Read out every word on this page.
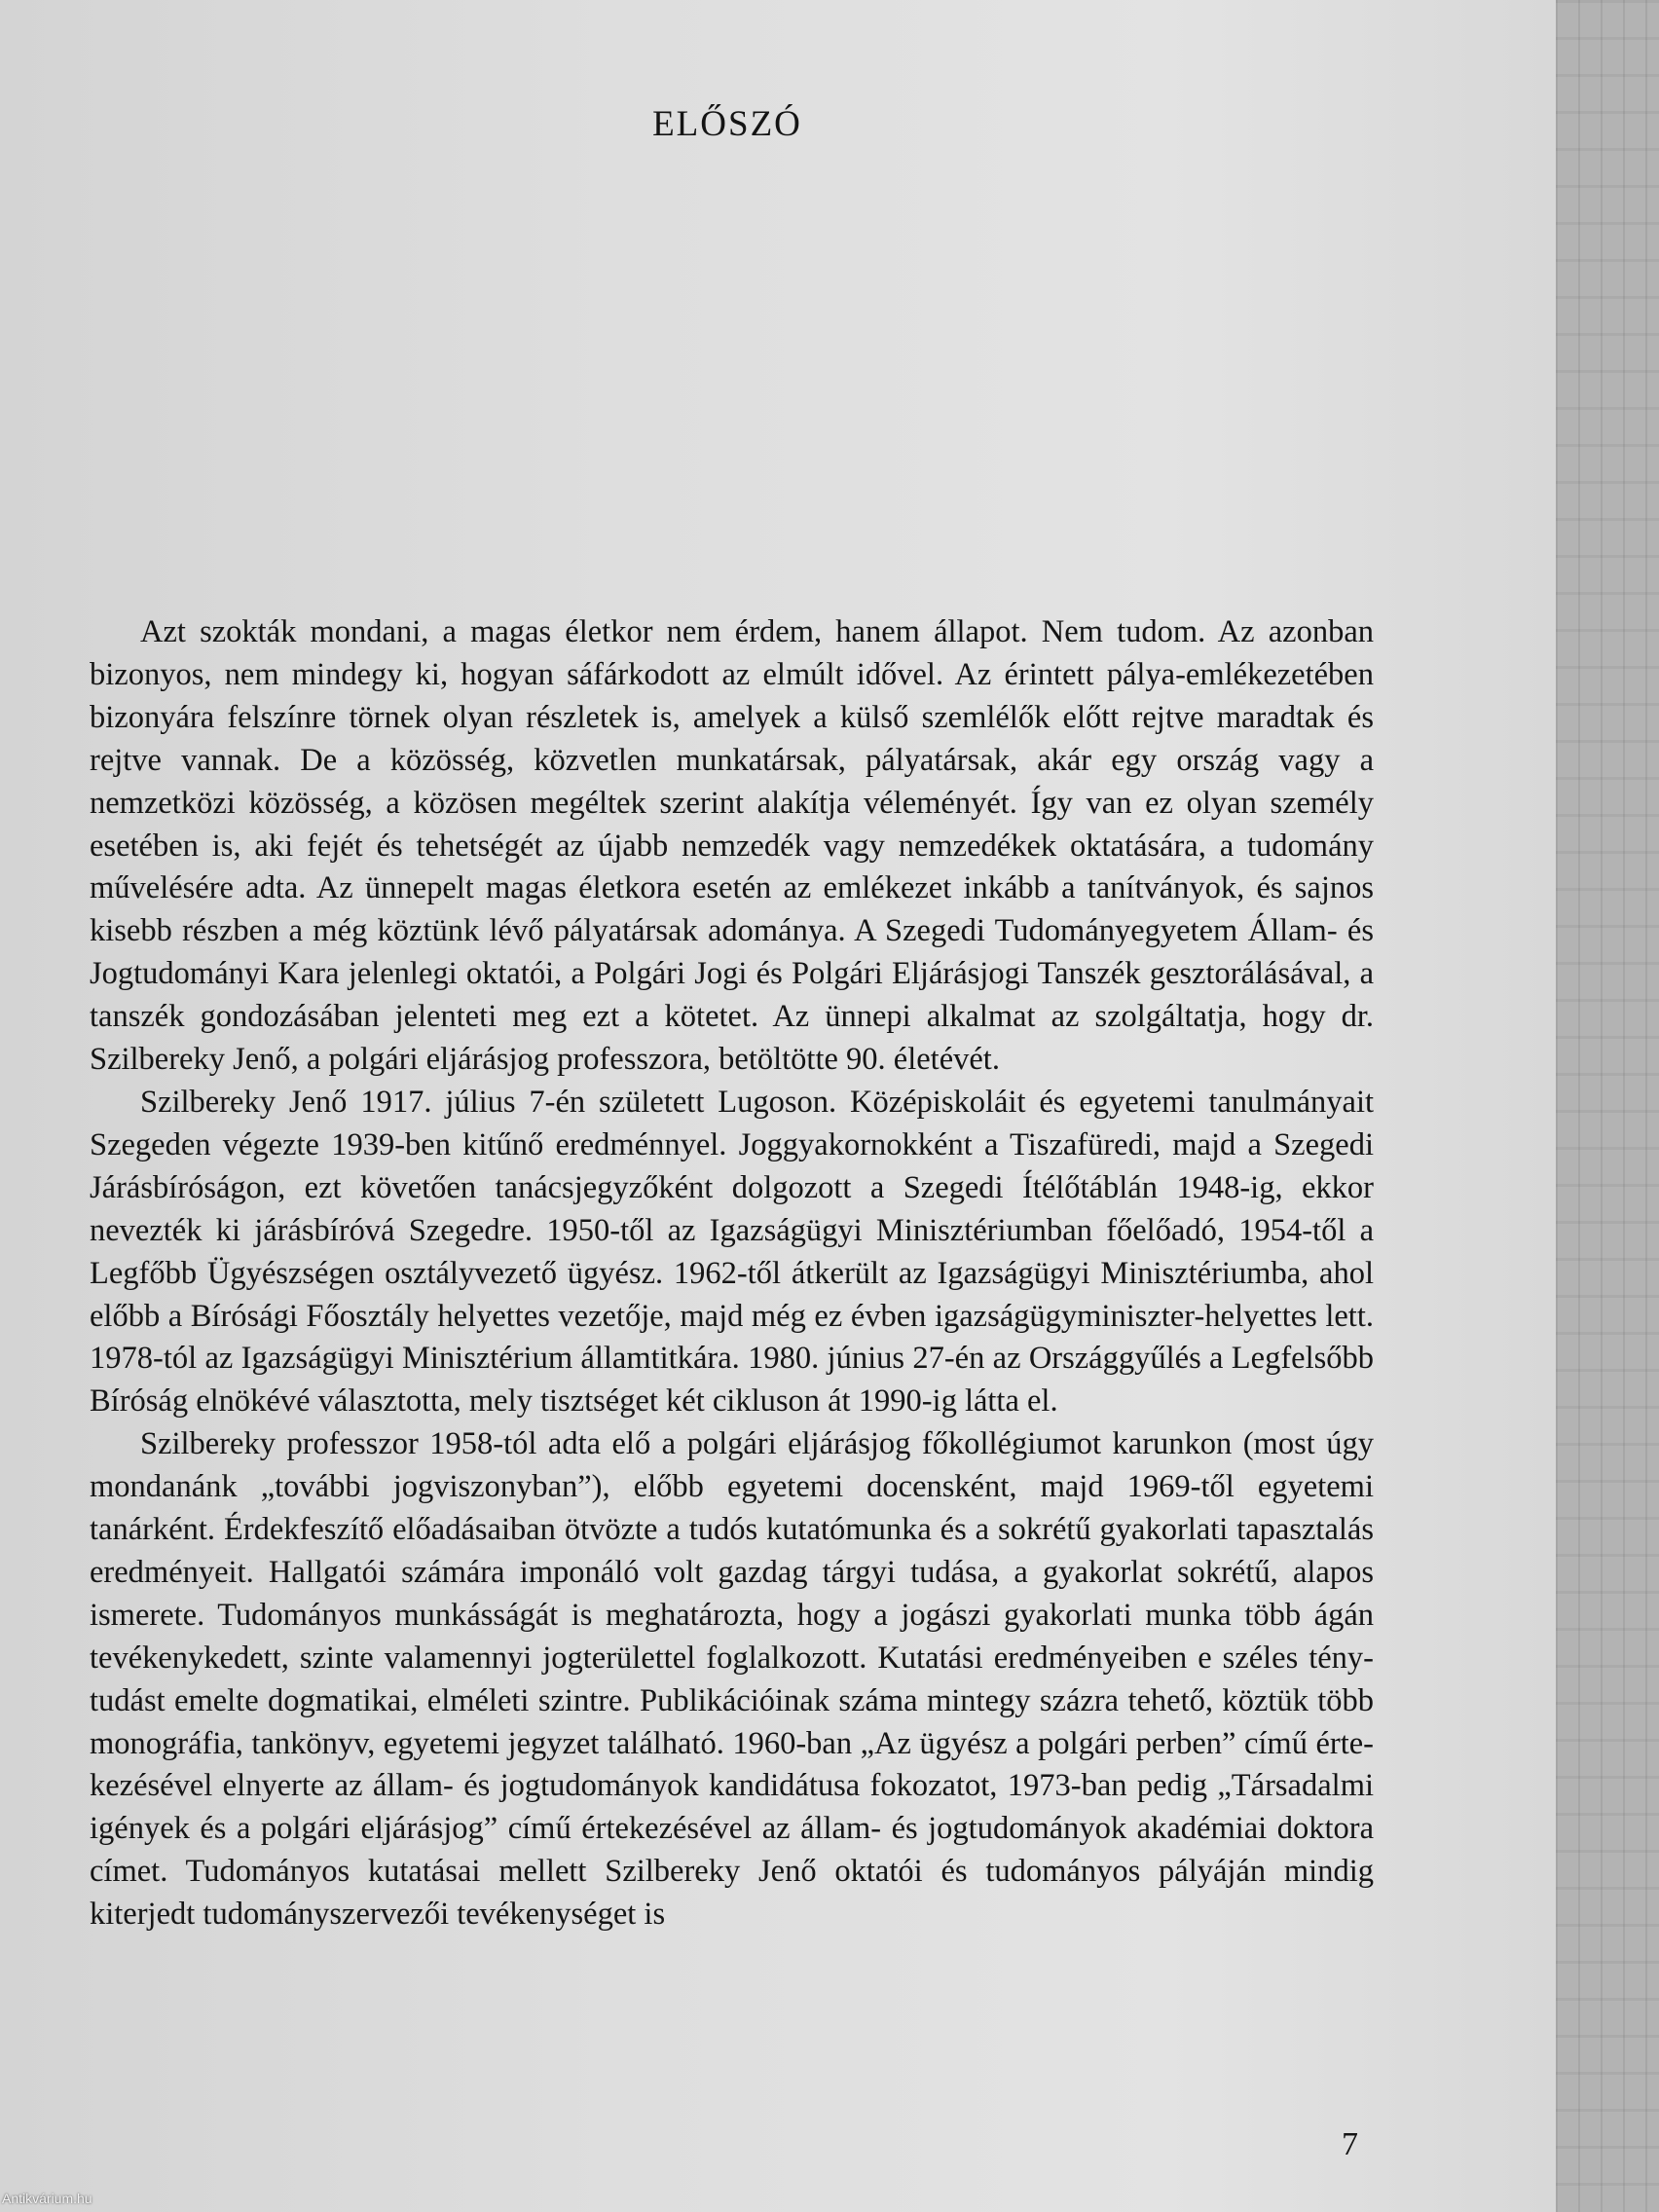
ELŐSZÓ

Azt szokták mondani, a magas életkor nem érdem, hanem állapot. Nem tudom. Az azonban bizonyos, nem mindegy ki, hogyan sáfárkodott az elmúlt idővel. Az érintett pálya-emlékezetében bizonyára felszínre törnek olyan részletek is, amelyek a külső szemlélők előtt rejtve maradtak és rejtve vannak. De a közösség, közvetlen munkatársak, pályatársak, akár egy ország vagy a nemzetközi közösség, a közösen megéltek szerint alakítja véleményét. Így van ez olyan személy esetében is, aki fejét és tehetségét az újabb nemzedék vagy nemzedékek oktatására, a tudomány művelésére adta. Az ünnepelt magas életkora esetén az emlékezet inkább a tanítványok, és sajnos kisebb részben a még köztünk lévő pályatársak adománya. A Szegedi Tudományegyetem Állam- és Jogtudományi Kara jelenlegi oktatói, a Polgári Jogi és Polgári Eljárásjogi Tanszék gesztorálásával, a tanszék gondozásában jelenteti meg ezt a kötetet. Az ünnepi alkalmat az szolgáltatja, hogy dr. Szilbereky Jenő, a polgári eljárásjog professzora, betöltötte 90. életévét.

Szilbereky Jenő 1917. július 7-én született Lugoson. Középiskoláit és egyetemi tanulmányait Szegeden végezte 1939-ben kitűnő eredménnyel. Joggyakornokként a Tiszafüredi, majd a Szegedi Járásbíróságon, ezt követően tanácsjegyzőként dolgozott a Szegedi Ítélőtáblán 1948-ig, ekkor nevezték ki járásbíróvá Szegedre. 1950-től az Igazságügyi Minisztériumban főelőadó, 1954-től a Legfőbb Ügyészségen osztályvezető ügyész. 1962-től átkerült az Igazságügyi Minisztériumba, ahol előbb a Bírósági Főosztály helyettes vezetője, majd még ez évben igazságügyminiszter-helyettes lett. 1978-tól az Igazságügyi Minisztérium államtitkára. 1980. június 27-én az Országgyűlés a Legfelsőbb Bíróság elnökévé választotta, mely tisztséget két cikluson át 1990-ig látta el.

Szilbereky professzor 1958-tól adta elő a polgári eljárásjog főkollégiumot karunkon (most úgy mondanánk „további jogviszonyban”), előbb egyetemi docensként, majd 1969-től egyetemi tanárként. Érdekfeszítő előadásaiban ötvözte a tudós kutatómunka és a sokrétű gyakorlati tapasztalás eredményeit. Hallgatói számára imponáló volt gazdag tárgyi tudása, a gyakorlat sokrétű, alapos ismerete. Tudományos munkásságát is meghatározta, hogy a jogászi gyakorlati munka több ágán tevékenykedett, szinte valamennyi jogterülettel foglalkozott. Kutatási eredményeiben e széles tény-tudást emelte dogmatikai, elméleti szintre. Publikációinak száma mintegy százra tehető, köztük több monográfia, tankönyv, egyetemi jegyzet található. 1960-ban „Az ügyész a polgári perben” című értekezésével elnyerte az állam- és jogtudományok kandidátusa fokozatot, 1973-ban pedig „Társadalmi igények és a polgári eljárásjog” című értekezésével az állam- és jogtudományok akadémiai doktora címet. Tudományos kutatásai mellett Szilbereky Jenő oktatói és tudományos pályáján mindig kiterjedt tudományszervezői tevékenységet is

7
Antikvárium.hu
